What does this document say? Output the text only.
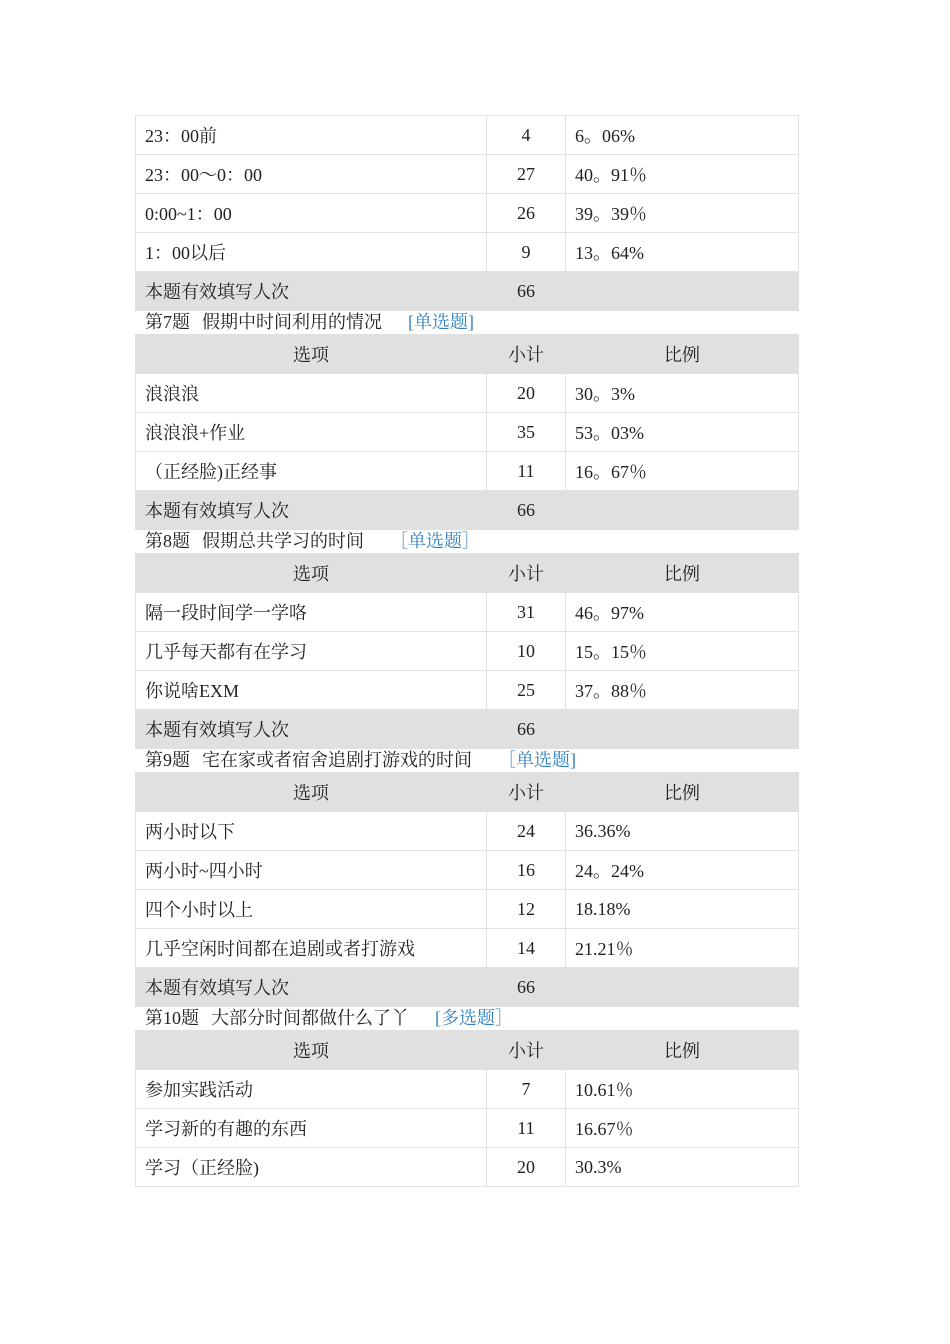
23：00前	4	6。06%
23：00～0：00	27	40。91％
0:00~1：00	26	39。39％
1：00以后	9	13。64%
本题有效填写人次	66	
第7题 假期中时间利用的情况 [单选题]
选项	小计	比例
浪浪浪	20	30。3%
浪浪浪+作业	35	53。03%
（正经脸)正经事	11	16。67％
本题有效填写人次	66	
第8题 假期总共学习的时间 ［单选题］
选项	小计	比例
隔一段时间学一学咯	31	46。97%
几乎每天都有在学习	10	15。15％
你说啥EXM	25	37。88％
本题有效填写人次	66	
第9题 宅在家或者宿舍追剧打游戏的时间 ［单选题]
选项	小计	比例
两小时以下	24	36.36%
两小时~四小时	16	24。24%
四个小时以上	12	18.18%
几乎空闲时间都在追剧或者打游戏	14	21.21％
本题有效填写人次	66	
第10题 大部分时间都做什么了丫 [多选题］
选项	小计	比例
参加实践活动	7	10.61％
学习新的有趣的东西	11	16.67％
学习（正经脸)	20	30.3%
